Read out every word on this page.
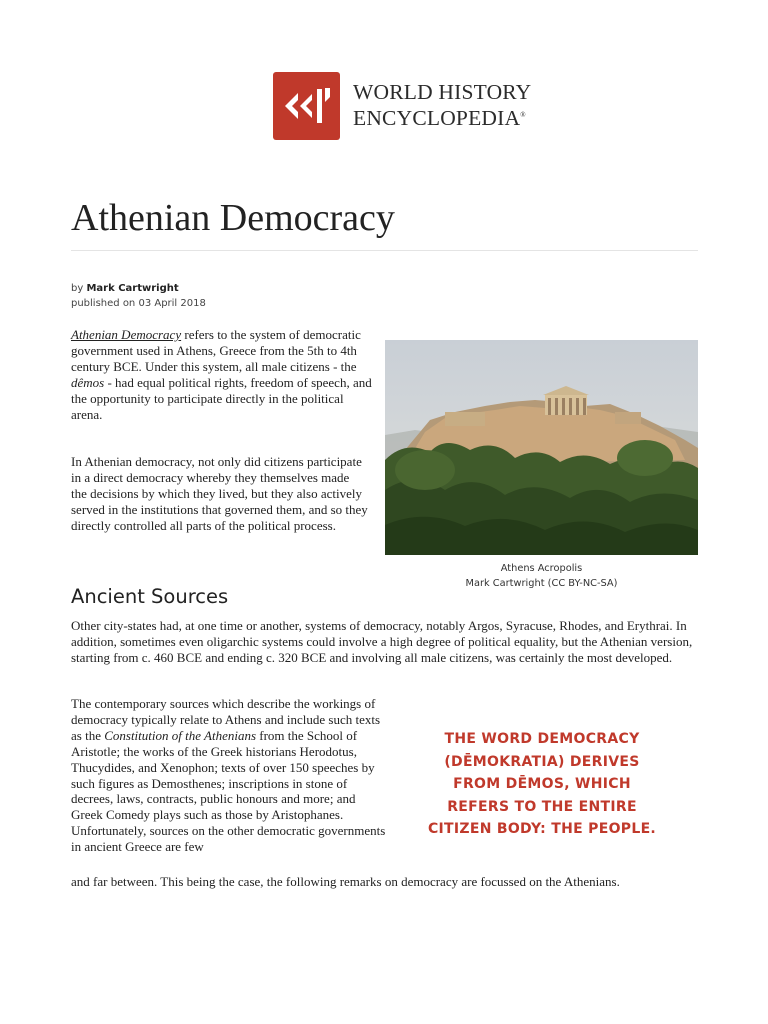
WORLD HISTORY
ENCYCLOPEDIA®
Athenian Democracy
by Mark Cartwright
published on 03 April 2018
Athenian Democracy refers to the system of democratic government used in Athens, Greece from the 5th to 4th century BCE. Under this system, all male citizens - the dêmos - had equal political rights, freedom of speech, and the opportunity to participate directly in the political arena.
In Athenian democracy, not only did citizens participate in a direct democracy whereby they themselves made the decisions by which they lived, but they also actively served in the institutions that governed them, and so they directly controlled all parts of the political process.
Athens Acropolis
Mark Cartwright (CC BY-NC-SA)
Ancient Sources
Other city-states had, at one time or another, systems of democracy, notably Argos, Syracuse, Rhodes, and Erythrai. In addition, sometimes even oligarchic systems could involve a high degree of political equality, but the Athenian version, starting from c. 460 BCE and ending c. 320 BCE and involving all male citizens, was certainly the most developed.
The contemporary sources which describe the workings of democracy typically relate to Athens and include such texts as the Constitution of the Athenians from the School of Aristotle; the works of the Greek historians Herodotus, Thucydides, and Xenophon; texts of over 150 speeches by such figures as Demosthenes; inscriptions in stone of decrees, laws, contracts, public honours and more; and Greek Comedy plays such as those by Aristophanes. Unfortunately, sources on the other democratic governments in ancient Greece are few
and far between. This being the case, the following remarks on democracy are focussed on the Athenians.
THE WORD DEMOCRACY
(DĒMOKRATIA) DERIVES
FROM DĒMOS, WHICH
REFERS TO THE ENTIRE
CITIZEN BODY: THE PEOPLE.
